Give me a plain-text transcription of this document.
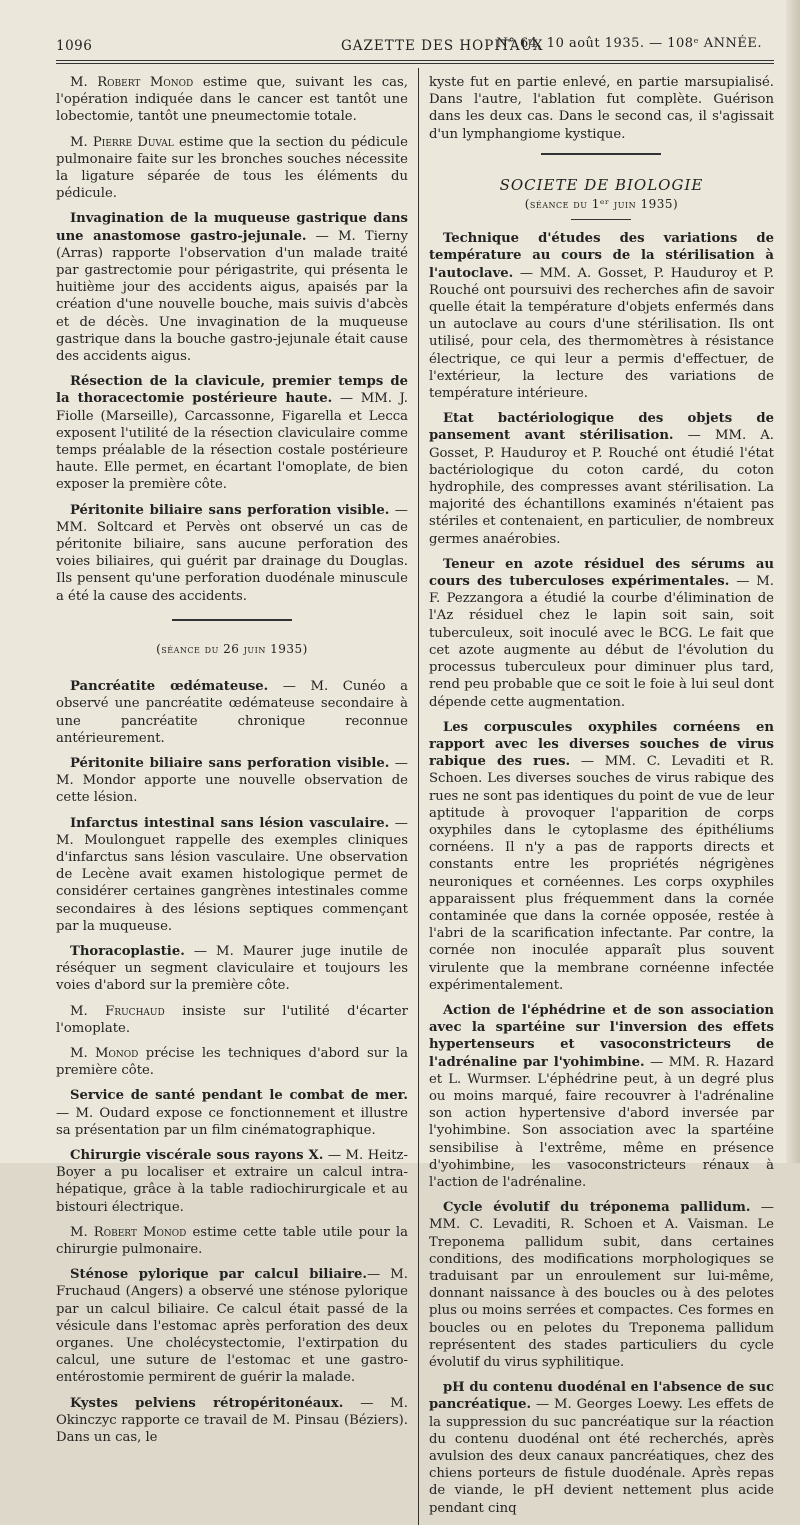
1096	GAZETTE DES HOPITAUX
N° 64, 10 août 1935. — 108ᵉ ANNÉE.

M. Robert Monod estime que, suivant les cas, l'opération indiquée dans le cancer est tantôt une lobectomie, tantôt une pneumectomie totale.

M. Pierre Duval estime que la section du pédicule pulmonaire faite sur les bronches souches nécessite la ligature séparée de tous les éléments du pédicule.

Invagination de la muqueuse gastrique dans une anastomose gastro-jejunale. — M. Tierny (Arras) rapporte l'observation d'un malade traité par gastrectomie pour périgastrite, qui présenta le huitième jour des accidents aigus, apaisés par la création d'une nouvelle bouche, mais suivis d'abcès et de décès. Une invagination de la muqueuse gastrique dans la bouche gastro-jejunale était cause des accidents aigus.

Résection de la clavicule, premier temps de la thoracectomie postérieure haute. — MM. J. Fiolle (Marseille), Carcassonne, Figarella et Lecca exposent l'utilité de la résection claviculaire comme temps préalable de la résection costale postérieure haute. Elle permet, en écartant l'omoplate, de bien exposer la première côte.

Péritonite biliaire sans perforation visible. — MM. Soltcard et Pervès ont observé un cas de péritonite biliaire, sans aucune perforation des voies biliaires, qui guérit par drainage du Douglas. Ils pensent qu'une perforation duodénale minuscule a été la cause des accidents.

(séance du 26 juin 1935)

Pancréatite œdémateuse. — M. Cunéo a observé une pancréatite œdémateuse secondaire à une pancréatite chronique reconnue antérieurement.

Péritonite biliaire sans perforation visible. — M. Mondor apporte une nouvelle observation de cette lésion.

Infarctus intestinal sans lésion vasculaire. — M. Moulonguet rappelle des exemples cliniques d'infarctus sans lésion vasculaire. Une observation de Lecène avait examen histologique permet de considérer certaines gangrènes intestinales comme secondaires à des lésions septiques commençant par la muqueuse.

Thoracoplastie. — M. Maurer juge inutile de réséquer un segment claviculaire et toujours les voies d'abord sur la première côte.

M. Fruchaud insiste sur l'utilité d'écarter l'omoplate.

M. Monod précise les techniques d'abord sur la première côte.

Service de santé pendant le combat de mer. — M. Oudard expose ce fonctionnement et illustre sa présentation par un film cinématographique.

Chirurgie viscérale sous rayons X. — M. Heitz-Boyer a pu localiser et extraire un calcul intra-hépatique, grâce à la table radiochirurgicale et au bistouri électrique.

M. Robert Monod estime cette table utile pour la chirurgie pulmonaire.

Sténose pylorique par calcul biliaire.— M. Fruchaud (Angers) a observé une sténose pylorique par un calcul biliaire. Ce calcul était passé de la vésicule dans l'estomac après perforation des deux organes. Une cholécystectomie, l'extirpation du calcul, une suture de l'estomac et une gastro-entérostomie permirent de guérir la malade.

Kystes pelviens rétropéritonéaux. — M. Okinczyc rapporte ce travail de M. Pinsau (Béziers). Dans un cas, le

kyste fut en partie enlevé, en partie marsupialisé. Dans l'autre, l'ablation fut complète. Guérison dans les deux cas. Dans le second cas, il s'agissait d'un lymphangiome kystique.

SOCIETE DE BIOLOGIE
(séance du 1ᵉʳ juin 1935)

Technique d'études des variations de température au cours de la stérilisation à l'autoclave. — MM. A. Gosset, P. Hauduroy et P. Rouché ont poursuivi des recherches afin de savoir quelle était la température d'objets enfermés dans un autoclave au cours d'une stérilisation. Ils ont utilisé, pour cela, des thermomètres à résistance électrique, ce qui leur a permis d'effectuer, de l'extérieur, la lecture des variations de température intérieure.

Etat bactériologique des objets de pansement avant stérilisation. — MM. A. Gosset, P. Hauduroy et P. Rouché ont étudié l'état bactériologique du coton cardé, du coton hydrophile, des compresses avant stérilisation. La majorité des échantillons examinés n'étaient pas stériles et contenaient, en particulier, de nombreux germes anaérobies.

Teneur en azote résiduel des sérums au cours des tuberculoses expérimentales. — M. F. Pezzangora a étudié la courbe d'élimination de l'Az résiduel chez le lapin soit sain, soit tuberculeux, soit inoculé avec le BCG. Le fait que cet azote augmente au début de l'évolution du processus tuberculeux pour diminuer plus tard, rend peu probable que ce soit le foie à lui seul dont dépende cette augmentation.

Les corpuscules oxyphiles cornéens en rapport avec les diverses souches de virus rabique des rues. — MM. C. Levaditi et R. Schoen. Les diverses souches de virus rabique des rues ne sont pas identiques du point de vue de leur aptitude à provoquer l'apparition de corps oxyphiles dans le cytoplasme des épithéliums cornéens. Il n'y a pas de rapports directs et constants entre les propriétés négrigènes neuroniques et cornéennes. Les corps oxyphiles apparaissent plus fréquemment dans la cornée contaminée que dans la cornée opposée, restée à l'abri de la scarification infectante. Par contre, la cornée non inoculée apparaît plus souvent virulente que la membrane cornéenne infectée expérimentalement.

Action de l'éphédrine et de son association avec la spartéine sur l'inversion des effets hypertenseurs et vasoconstricteurs de l'adrénaline par l'yohimbine. — MM. R. Hazard et L. Wurmser. L'éphédrine peut, à un degré plus ou moins marqué, faire recouvrer à l'adrénaline son action hypertensive d'abord inversée par l'yohimbine. Son association avec la spartéine sensibilise à l'extrême, même en présence d'yohimbine, les vasoconstricteurs rénaux à l'action de l'adrénaline.

Cycle évolutif du tréponema pallidum. — MM. C. Levaditi, R. Schoen et A. Vaisman. Le Treponema pallidum subit, dans certaines conditions, des modifications morphologiques se traduisant par un enroulement sur lui-même, donnant naissance à des boucles ou à des pelotes plus ou moins serrées et compactes. Ces formes en boucles ou en pelotes du Treponema pallidum représentent des stades particuliers du cycle évolutif du virus syphilitique.

pH du contenu duodénal en l'absence de suc pancréatique. — M. Georges Loewy. Les effets de la suppression du suc pancréatique sur la réaction du contenu duodénal ont été recherchés, après avulsion des deux canaux pancréatiques, chez des chiens porteurs de fistule duodénale. Après repas de viande, le pH devient nettement plus acide pendant cinq
